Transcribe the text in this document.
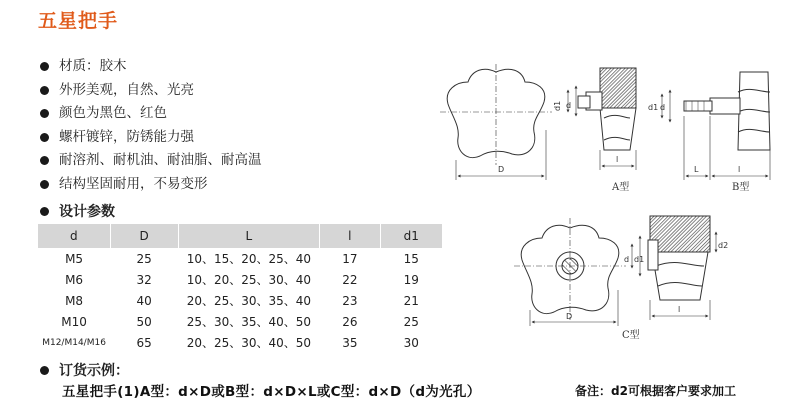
五星把手
材质：胶木
外形美观，自然、光亮
颜色为黑色、红色
螺杆镀锌，防锈能力强
耐溶剂、耐机油、耐油脂、耐高温
结构坚固耐用，不易变形
设计参数
d	D	L	l	d1
M5	25	10、15、20、25、40	17	15
M6	32	10、20、25、30、40	22	19
M8	40	20、25、30、35、40	23	21
M10	50	25、30、35、40、50	26	25
M12/M14/M16	65	20、25、30、40、50	35	30
订货示例：
五星把手(1)A型：d×D或B型：d×D×L或C型：d×D（d为光孔）	备注：d2可根据客户要求加工
D
d
d1
l
A型
d
d1
L	l
B型
D
d d1
d2
l
C型
